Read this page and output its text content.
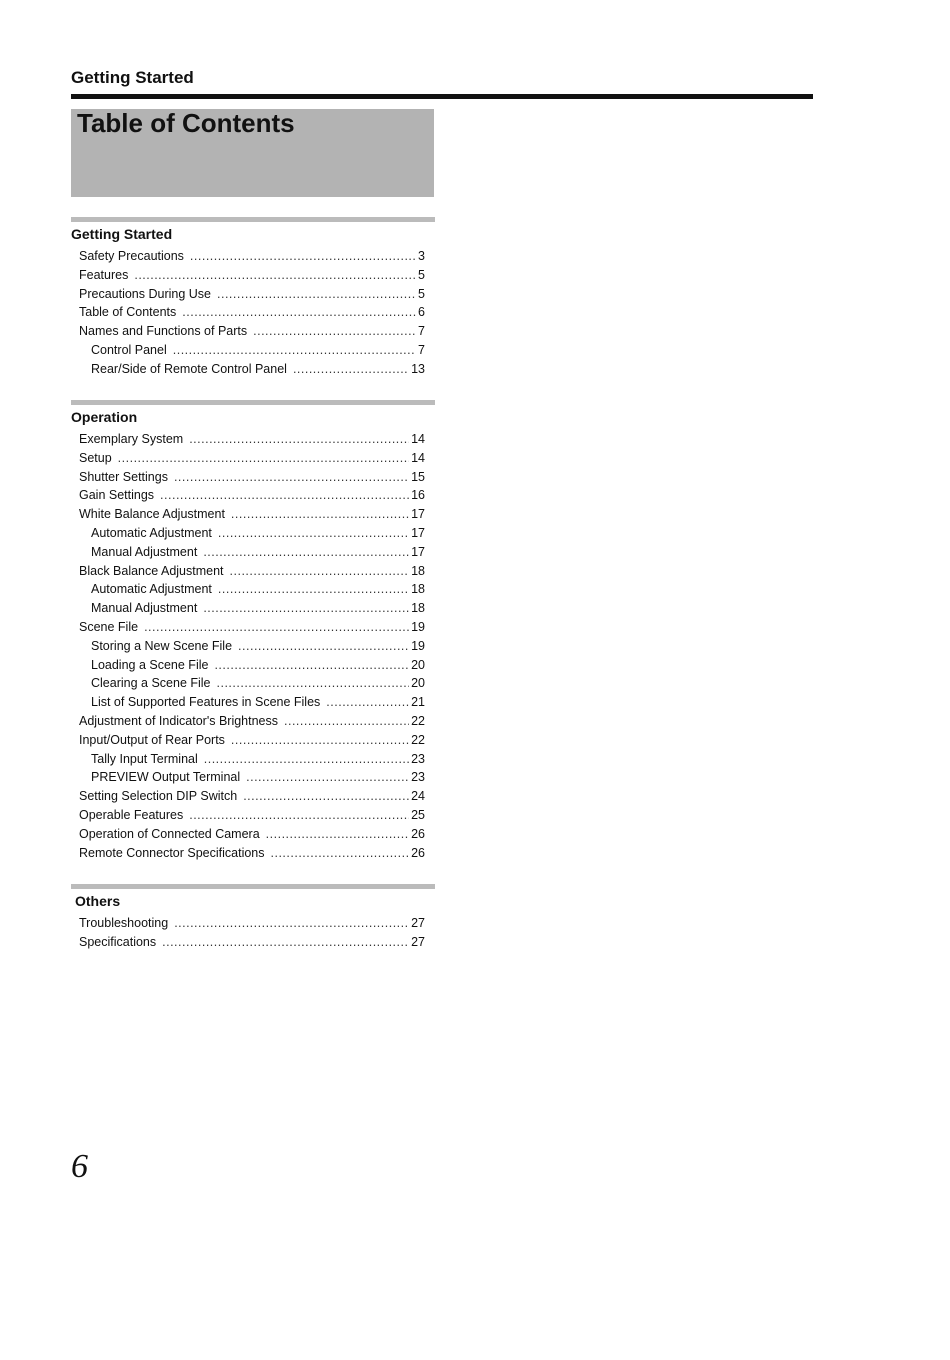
Getting Started
Table of Contents
Getting Started
Safety Precautions .....	3
Features .....	5
Precautions During Use .....	5
Table of Contents .....	6
Names and Functions of Parts .....	7
Control Panel .....	7
Rear/Side of Remote Control Panel .....	13
Operation
Exemplary System .....	14
Setup .....	14
Shutter Settings .....	15
Gain Settings .....	16
White Balance Adjustment .....	17
Automatic Adjustment .....	17
Manual Adjustment .....	17
Black Balance Adjustment .....	18
Automatic Adjustment .....	18
Manual Adjustment .....	18
Scene File .....	19
Storing a New Scene File .....	19
Loading a Scene File .....	20
Clearing a Scene File .....	20
List of Supported Features in Scene Files .....	21
Adjustment of Indicator's Brightness .....	22
Input/Output of Rear Ports .....	22
Tally Input Terminal .....	23
PREVIEW Output Terminal .....	23
Setting Selection DIP Switch .....	24
Operable Features .....	25
Operation of Connected Camera .....	26
Remote Connector Specifications .....	26
Others
Troubleshooting .....	27
Specifications .....	27
6
